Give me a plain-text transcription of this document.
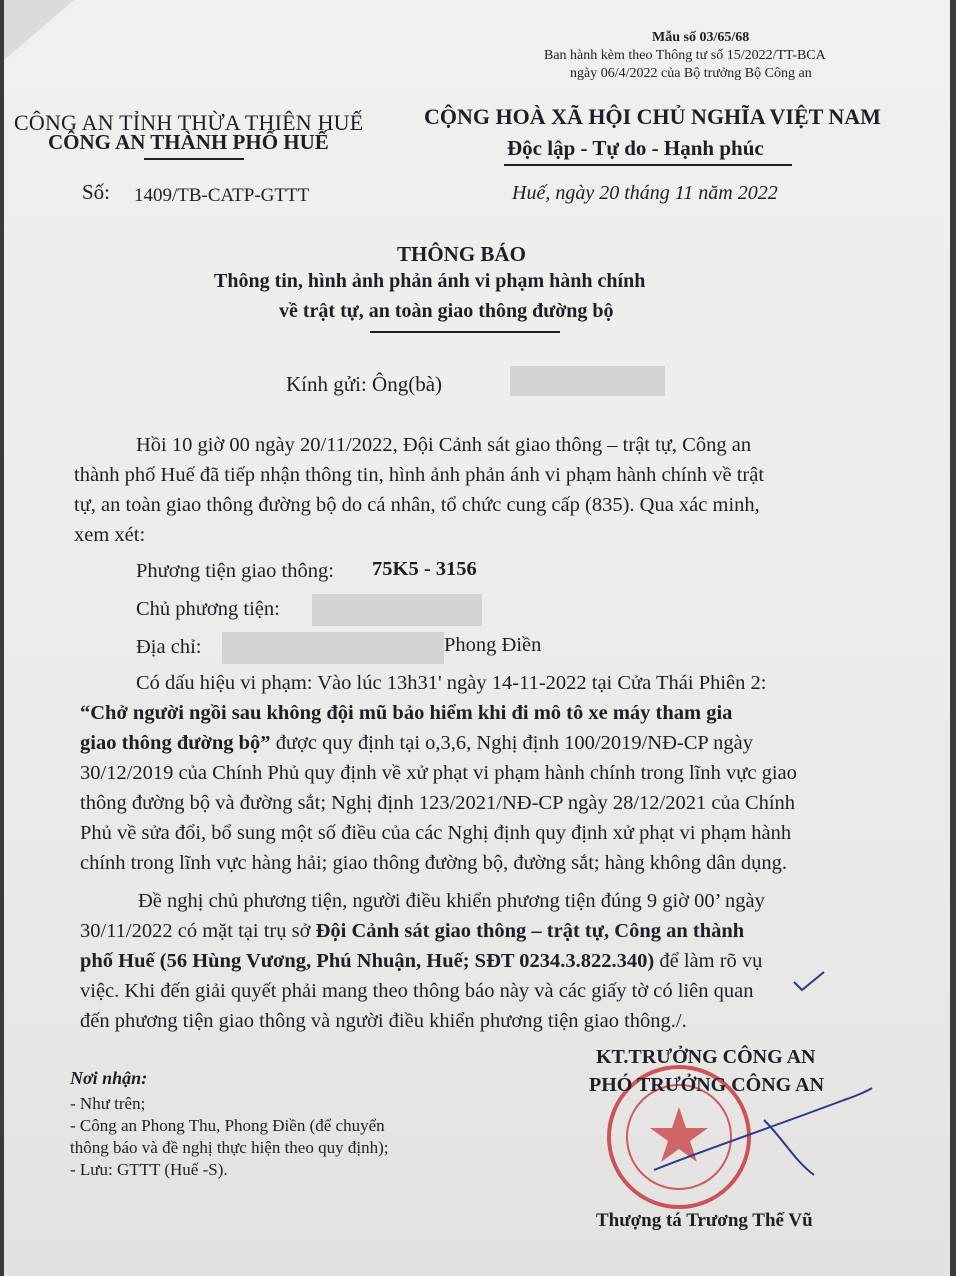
Mẫu số 03/65/68
Ban hành kèm theo Thông tư số 15/2022/TT-BCA
ngày 06/4/2022 của Bộ trưởng Bộ Công an
CÔNG AN TỈNH THỪA THIÊN HUẾ
CÔNG AN THÀNH PHỐ HUẾ
CỘNG HOÀ XÃ HỘI CHỦ NGHĨA VIỆT NAM
Độc lập - Tự do - Hạnh phúc
Số: 1409/TB-CATP-GTTT	Huế, ngày 20 tháng 11 năm 2022
THÔNG BÁO
Thông tin, hình ảnh phản ánh vi phạm hành chính
về trật tự, an toàn giao thông đường bộ
Kính gửi: Ông(bà)
Hồi 10 giờ 00 ngày 20/11/2022, Đội Cảnh sát giao thông – trật tự, Công an
thành phố Huế đã tiếp nhận thông tin, hình ảnh phản ánh vi phạm hành chính về trật
tự, an toàn giao thông đường bộ do cá nhân, tổ chức cung cấp (835). Qua xác minh,
xem xét:
Phương tiện giao thông: 75K5 - 3156
Chủ phương tiện:
Địa chỉ:	Phong Điền
Có dấu hiệu vi phạm: Vào lúc 13h31' ngày 14-11-2022 tại Cửa Thái Phiên 2:
“Chở người ngồi sau không đội mũ bảo hiểm khi đi mô tô xe máy tham gia
giao thông đường bộ” được quy định tại o,3,6, Nghị định 100/2019/NĐ-CP ngày
30/12/2019 của Chính Phủ quy định về xử phạt vi phạm hành chính trong lĩnh vực giao
thông đường bộ và đường sắt; Nghị định 123/2021/NĐ-CP ngày 28/12/2021 của Chính
Phủ về sửa đổi, bổ sung một số điều của các Nghị định quy định xử phạt vi phạm hành
chính trong lĩnh vực hàng hải; giao thông đường bộ, đường sắt; hàng không dân dụng.
Đề nghị chủ phương tiện, người điều khiển phương tiện đúng 9 giờ 00’ ngày
30/11/2022 có mặt tại trụ sở Đội Cảnh sát giao thông – trật tự, Công an thành
phố Huế (56 Hùng Vương, Phú Nhuận, Huế; SĐT 0234.3.822.340) để làm rõ vụ
việc. Khi đến giải quyết phải mang theo thông báo này và các giấy tờ có liên quan
đến phương tiện giao thông và người điều khiển phương tiện giao thông./.
Nơi nhận:
- Như trên;
- Công an Phong Thu, Phong Điền (để chuyển
thông báo và đề nghị thực hiện theo quy định);
- Lưu: GTTT (Huế -S).
KT.TRƯỞNG CÔNG AN
PHÓ TRƯỞNG CÔNG AN
Thượng tá Trương Thế Vũ
